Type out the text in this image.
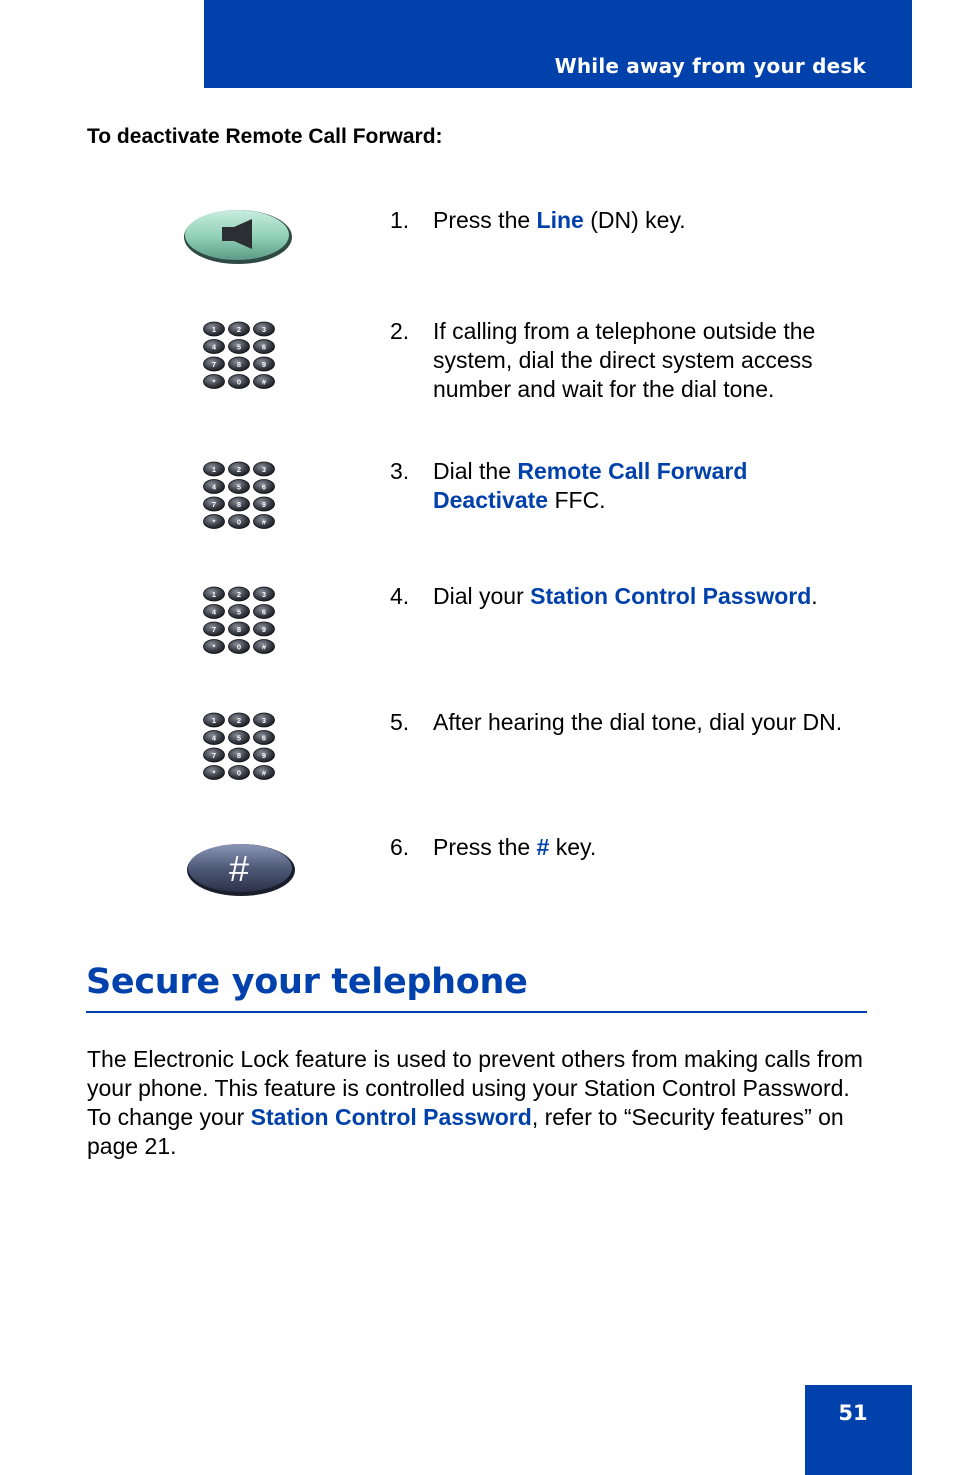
While away from your desk
To deactivate Remote Call Forward:
1	2	3
4	5	6
7	8	9
*	0	#
1	2	3
4	5	6
7	8	9
*	0	#
1	2	3
4	5	6
7	8	9
*	0	#
1	2	3
4	5	6
7	8	9
*	0	#
#
1. Press the Line (DN) key.
2. If calling from a telephone outside the system, dial the direct system access number and wait for the dial tone.
3. Dial the Remote Call Forward Deactivate FFC.
4. Dial your Station Control Password.
5. After hearing the dial tone, dial your DN.
6. Press the # key.
Secure your telephone
The Electronic Lock feature is used to prevent others from making calls from your phone. This feature is controlled using your Station Control Password. To change your Station Control Password, refer to “Security features” on page 21.
51
